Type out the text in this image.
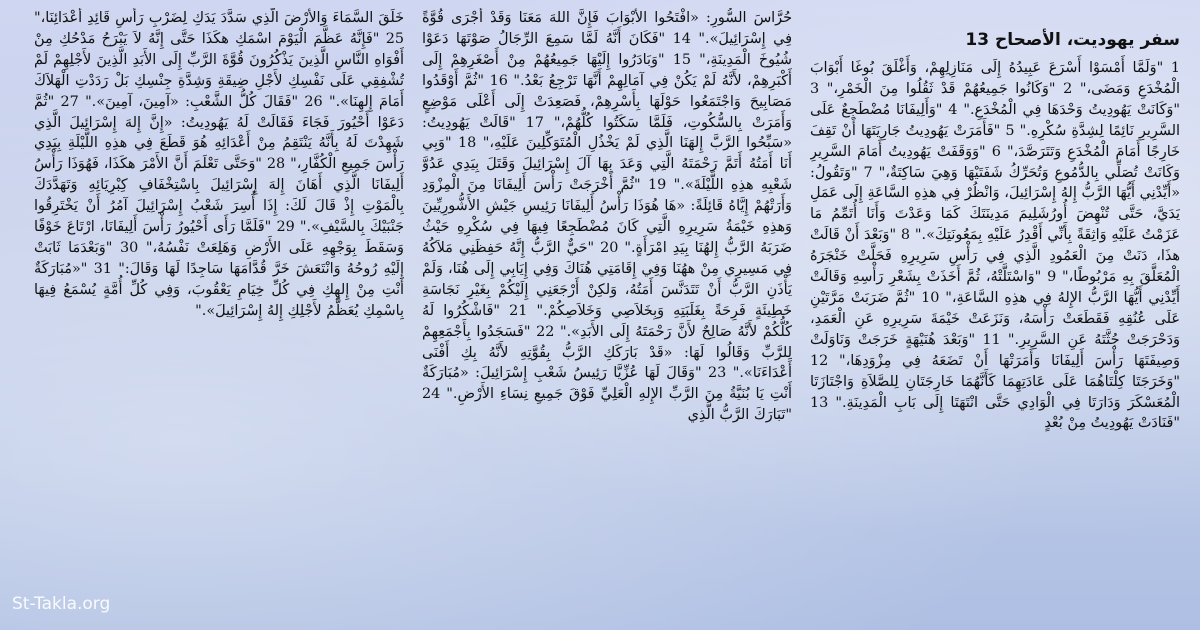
سفر يهوديت، الأصحاح 13
1 "وَلَمَّا أَمْسَوْا أَسْرَعَ عَبِيدُهُ إِلَى مَنَازِلِهِمْ، وَأَغْلَقَ بُوغَا أَبْوَابَ الْمُخْدَعِ وَمَضَى،" 2 "وَكَانُوا جَمِيعُهُمْ قَدْ ثَقُلُوا مِنَ الْخَمْرِ،" 3 "وَكَانَتْ يَهُودِيتُ وَحْدَهَا فِي الْمُخْدَعِ." 4 "وَأَلِيفَانَا مُضْطَجِعٌ عَلَى السَّرِيرِ نَائِمًا لِشِدَّةِ سُكْرِهِ." 5 "فَأَمَرَتْ يَهُودِيتُ جَارِيَتَهَا أَنْ تَقِفَ خَارِجًا أَمَامَ الْمُخْدَعِ وَتَتَرَصَّدَ،" 6 "وَوَقَفَتْ يَهُودِيتُ أَمَامَ السَّرِيرِ وَكَانَتْ تُصَلِّي بِالدُّمُوعِ وَتُحَرِّكُ شَفَتَيْهَا وَهِيَ سَاكِتَةٌ،" 7 "وَتَقُولُ: «أَيِّدْنِي أَيُّهَا الرَّبُّ إِلهُ إِسْرَائِيلَ، وَانْظُرْ فِي هذِهِ السَّاعَةِ إِلَى عَمَلِ يَدَيَّ، حَتَّى تُنْهِضَ أُورُشَلِيمَ مَدِينَتَكَ كَمَا وَعَدْتَ وَأَنَا أُتَمِّمُ مَا عَزَمْتُ عَلَيْهِ وَاثِقَةً بِأَنِّي أَقْدِرُ عَلَيْهِ بِمَعُونَتِكَ»." 8 "وَبَعْدَ أَنْ قَالَتْ هذَا، دَنَتْ مِنَ الْعَمُودِ الَّذِي فِي رَأْسِ سَرِيرِهِ فَحَلَّتْ خَنْجَرَهُ الْمُعَلَّقَ بِهِ مَرْبُوطًا،" 9 "وَاسْتَلَّتْهُ، ثُمَّ أَخَذَتْ بِشَعْرِ رَأْسِهِ وَقَالَتْ أَيِّدْنِي أَيُّهَا الرَّبُّ الإِلهُ فِي هذِهِ السَّاعَةِ،" 10 "ثُمَّ ضَرَبَتْ مَرَّتَيْنِ عَلَى عُنُقِهِ فَقَطَعَتْ رَأْسَهُ، وَنَزَعَتْ خَيْمَةَ سَرِيرِهِ عَنِ الْعَمَدِ، وَدَحْرَجَتْ جُثَّتَهُ عَنِ السَّرِيرِ." 11 "وَبَعْدَ هُنَيْهَةٍ خَرَجَتْ وَنَاوَلَتْ وَصِيفَتَهَا رَأْسَ أَلِيفَانَا وَأَمَرَتْهَا أَنْ تَضَعَهُ فِي مِزْوَدِهَا،" 12 "وَخَرَجَتَا كِلْتَاهُمَا عَلَى عَادَتِهِمَا كَأَنَّهُمَا خَارِجَتَانِ لِلصَّلاَةِ وَاجْتَازَتَا الْمُعَسْكَرَ وَدَارَتَا فِي الْوَادِي حَتَّى انْتَهَتَا إِلَى بَابِ الْمَدِينَةِ." 13 "فَنَادَتْ يَهُودِيتُ مِنْ بُعْدٍ
حُرَّاسَ السُّورِ: «افْتَحُوا الأَبْوَابَ فَإِنَّ اللهَ مَعَنَا وَقَدْ أَجْرَى قُوَّةً فِي إِسْرَائِيلَ»." 14 "فَكَانَ أَنَّهُ لَمَّا سَمِعَ الرِّجَالُ صَوْتَهَا دَعَوْا شُيُوخَ الْمَدِينَةِ،" 15 "وَبَادَرُوا إِلَيْهَا جَمِيعُهُمْ مِنْ أَصْغَرِهِمْ إِلَى أَكْبَرِهِمْ، لأَنَّهُ لَمْ يَكُنْ فِي آمَالِهِمْ أَنَّهَا تَرْجِعُ بَعْدُ." 16 "ثُمَّ أَوْقَدُوا مَصَابِيحَ وَاجْتَمَعُوا حَوْلَهَا بِأَسْرِهِمْ، فَصَعِدَتْ إِلَى أَعْلَى مَوْضِعٍ وَأَمَرَتْ بِالسُّكُوتِ، فَلَمَّا سَكَتُوا كُلُّهُمْ،" 17 "قَالَتْ يَهُودِيتُ: «سَبِّحُوا الرَّبَّ إِلهَنَا الَّذِي لَمْ يَخْذُلِ الْمُتَوَكِّلِينَ عَلَيْهِ،" 18 "وَبِي أَنَا أَمَتُهُ أَتَمَّ رَحْمَتَهُ الَّتِي وَعَدَ بِهَا آلَ إِسْرَائِيلَ وَقَتَلَ بِيَدِي عَدُوَّ شَعْبِهِ هذِهِ اللَّيْلَةَ»." 19 "ثُمَّ أَخْرَجَتْ رَأْسَ أَلِيفَانَا مِنَ الْمِزْوَدِ وَأَرَتْهُمْ إِيَّاهُ قَائِلَةً: «هَا هُوَذَا رَأْسُ أَلِيفَانَا رَئِيسِ جَيْشِ الأَشُّورِيِّينَ وَهذِهِ خَيْمَةُ سَرِيرِهِ الَّتِي كَانَ مُضْطَجِعًا فِيهَا فِي سُكْرِهِ حَيْثُ ضَرَبَهُ الرَّبُّ إِلهُنَا بِيَدِ امْرَأَةٍ." 20 "حَيٌّ الرَّبُّ إِنَّهُ حَفِظَنِي مَلاَكُهُ فِي مَسِيرِي مِنْ ههُنَا وَفِي إِقَامَتِي هُنَاكَ وَفِي إِيَابِي إِلَى هُنَا، وَلَمْ يَأْذَنِ الرَّبُّ أَنْ تَتَدَنَّسَ أَمَتُهُ، وَلكِنْ أَرْجَعَنِي إِلَيْكُمْ بِغَيْرِ نَجَاسَةِ خَطِيئَةٍ فَرِحَةً بِغَلَبَتِهِ وَبِخَلاَصِي وَخَلاَصِكُمْ." 21 "فَاشْكُرُوا لَهُ كُلُّكُمْ لأَنَّهُ صَالِحٌ لأَنَّ رَحْمَتَهُ إِلَى الأَبَدِ»." 22 "فَسَجَدُوا بِأَجْمَعِهِمْ لِلرَّبِّ وَقَالُوا لَهَا: «قَدْ بَارَكَكِ الرَّبُّ بِقُوَّتِهِ لأَنَّهُ بِكِ أَفْنَى أَعْدَاءَنَا»." 23 "وَقَالَ لَهَا عُزِّيَّا رَئِيسُ شَعْبِ إِسْرَائِيلَ: «مُبَارَكَةٌ أَنْتِ يَا بُنَيَّةُ مِنَ الرَّبِّ الإِلهِ الْعَلِيِّ فَوْقَ جَمِيعِ نِسَاءِ الأَرْضِ." 24 "تَبَارَكَ الرَّبُّ الَّذِي
خَلَقَ السَّمَاءَ وَالأَرْضَ الَّذِي سَدَّدَ يَدَكِ لِضَرْبِ رَأْسِ قَائِدِ أَعْدَائِنَا،" 25 "فَإِنَّهُ عَظَّمَ الْيَوْمَ اسْمَكِ هكَذَا حَتَّى إِنَّهُ لاَ يَبْرَحُ مَدْحُكِ مِنْ أَفْوَاهِ النَّاسِ الَّذِينَ يَذْكُرُونَ قُوَّةَ الرَّبِّ إِلَى الأَبَدِ الَّذِينَ لأَجْلِهِمْ لَمْ تُشْفِقِي عَلَى نَفْسِكِ لأَجْلِ ضِيقَةِ وَشِدَّةِ جِنْسِكِ بَلْ رَدَدْتِ الْهَلاَكَ أَمَامَ إِلهِنَا»." 26 "فَقَالَ كُلُّ الشَّعْبِ: «آمِينَ، آمِينَ»." 27 "ثُمَّ دَعَوْا أَحْيُورَ فَجَاءَ فَقَالَتْ لَهُ يَهُودِيتُ: «إِنَّ إِلهَ إِسْرَائِيلَ الَّذِي شَهِدْتَ لَهُ بِأَنَّهُ يَنْتَقِمُ مِنْ أَعْدَائِهِ هُوَ قَطَعَ فِي هذِهِ اللَّيْلَةِ بِيَدِي رَأْسَ جَمِيعِ الْكُفَّارِ،" 28 "وَحَتَّى تَعْلَمَ أَنَّ الأَمْرَ هكَذَا، فَهُوَذَا رَأْسُ أَلِيفَانَا الَّذِي أَهَانَ إِلهَ إِسْرَائِيلَ بِاسْتِخْفَافِ كِبْرِيَائِهِ وَتَهَدَّدَكَ بِالْمَوْتِ إِذْ قَالَ لَكَ: إِذَا أُسِرَ شَعْبُ إِسْرَائِيلَ آمُرُ أَنْ يَخْتَرِقُوا جَنْبَيْكَ بِالسَّيْفِ»." 29 "فَلَمَّا رَأَى أَحْيُورُ رَأْسَ أَلِيفَانَا، ارْتَاعَ خَوْفًا وَسَقَطَ بِوَجْهِهِ عَلَى الأَرْضِ وَهَلِعَتْ نَفْسُهُ،" 30 "وَبَعْدَمَا ثَابَتْ إِلَيْهِ رُوحُهُ وَانْتَعَشَ خَرَّ قُدَّامَهَا سَاجِدًا لَهَا وَقَالَ:" 31 "«مُبَارَكَةٌ أَنْتِ مِنْ إِلهِكِ فِي كُلِّ خِيَامِ يَعْقُوبَ، وَفِي كُلِّ أُمَّةٍ يُسْمَعُ فِيهَا بِاسْمِكِ يُعَظَّمُ لأَجْلِكِ إِلهُ إِسْرَائِيلَ»."
St-Takla.org
